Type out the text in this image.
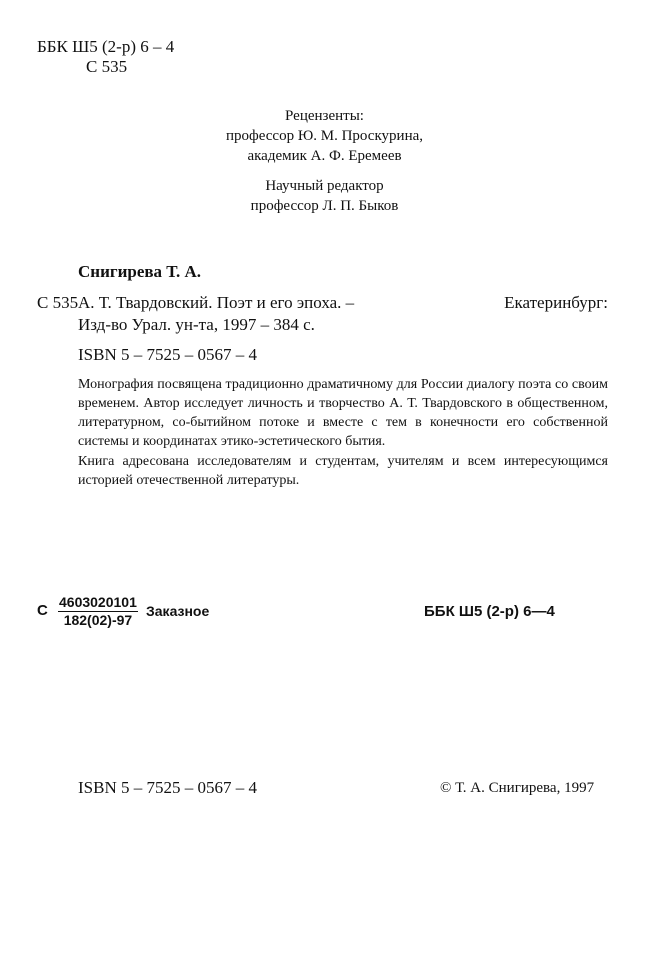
ББК Ш5 (2-р) 6 – 4
С 535
Рецензенты:
профессор Ю. М. Проскурина,
академик А. Ф. Еремеев
Научный редактор
профессор Л. П. Быков
Снигирева Т. А.
С 535 А. Т. Твардовский. Поэт и его эпоха. –	Екатеринбург:
Изд-во Урал. ун-та, 1997 – 384 с.
ISBN 5 – 7525 – 0567 – 4

Монография посвящена традиционно драматичному для России диалогу поэта со своим временем. Автор исследует личность и творчество А. Т. Твардовского в общественном, литературном, со-бытийном потоке и вместе с тем в конечности его собственной системы и координатах этико-эстетического бытия.

Книга адресована исследователям и студентам, учителям и всем интересующимся историей отечественной литературы.

С $\frac{4603020101}{182(02)-97}$ Заказное	ББК Ш5 (2-р) 6—4
ISBN 5 – 7525 – 0567 – 4	© Т. А. Снигирева, 1997
